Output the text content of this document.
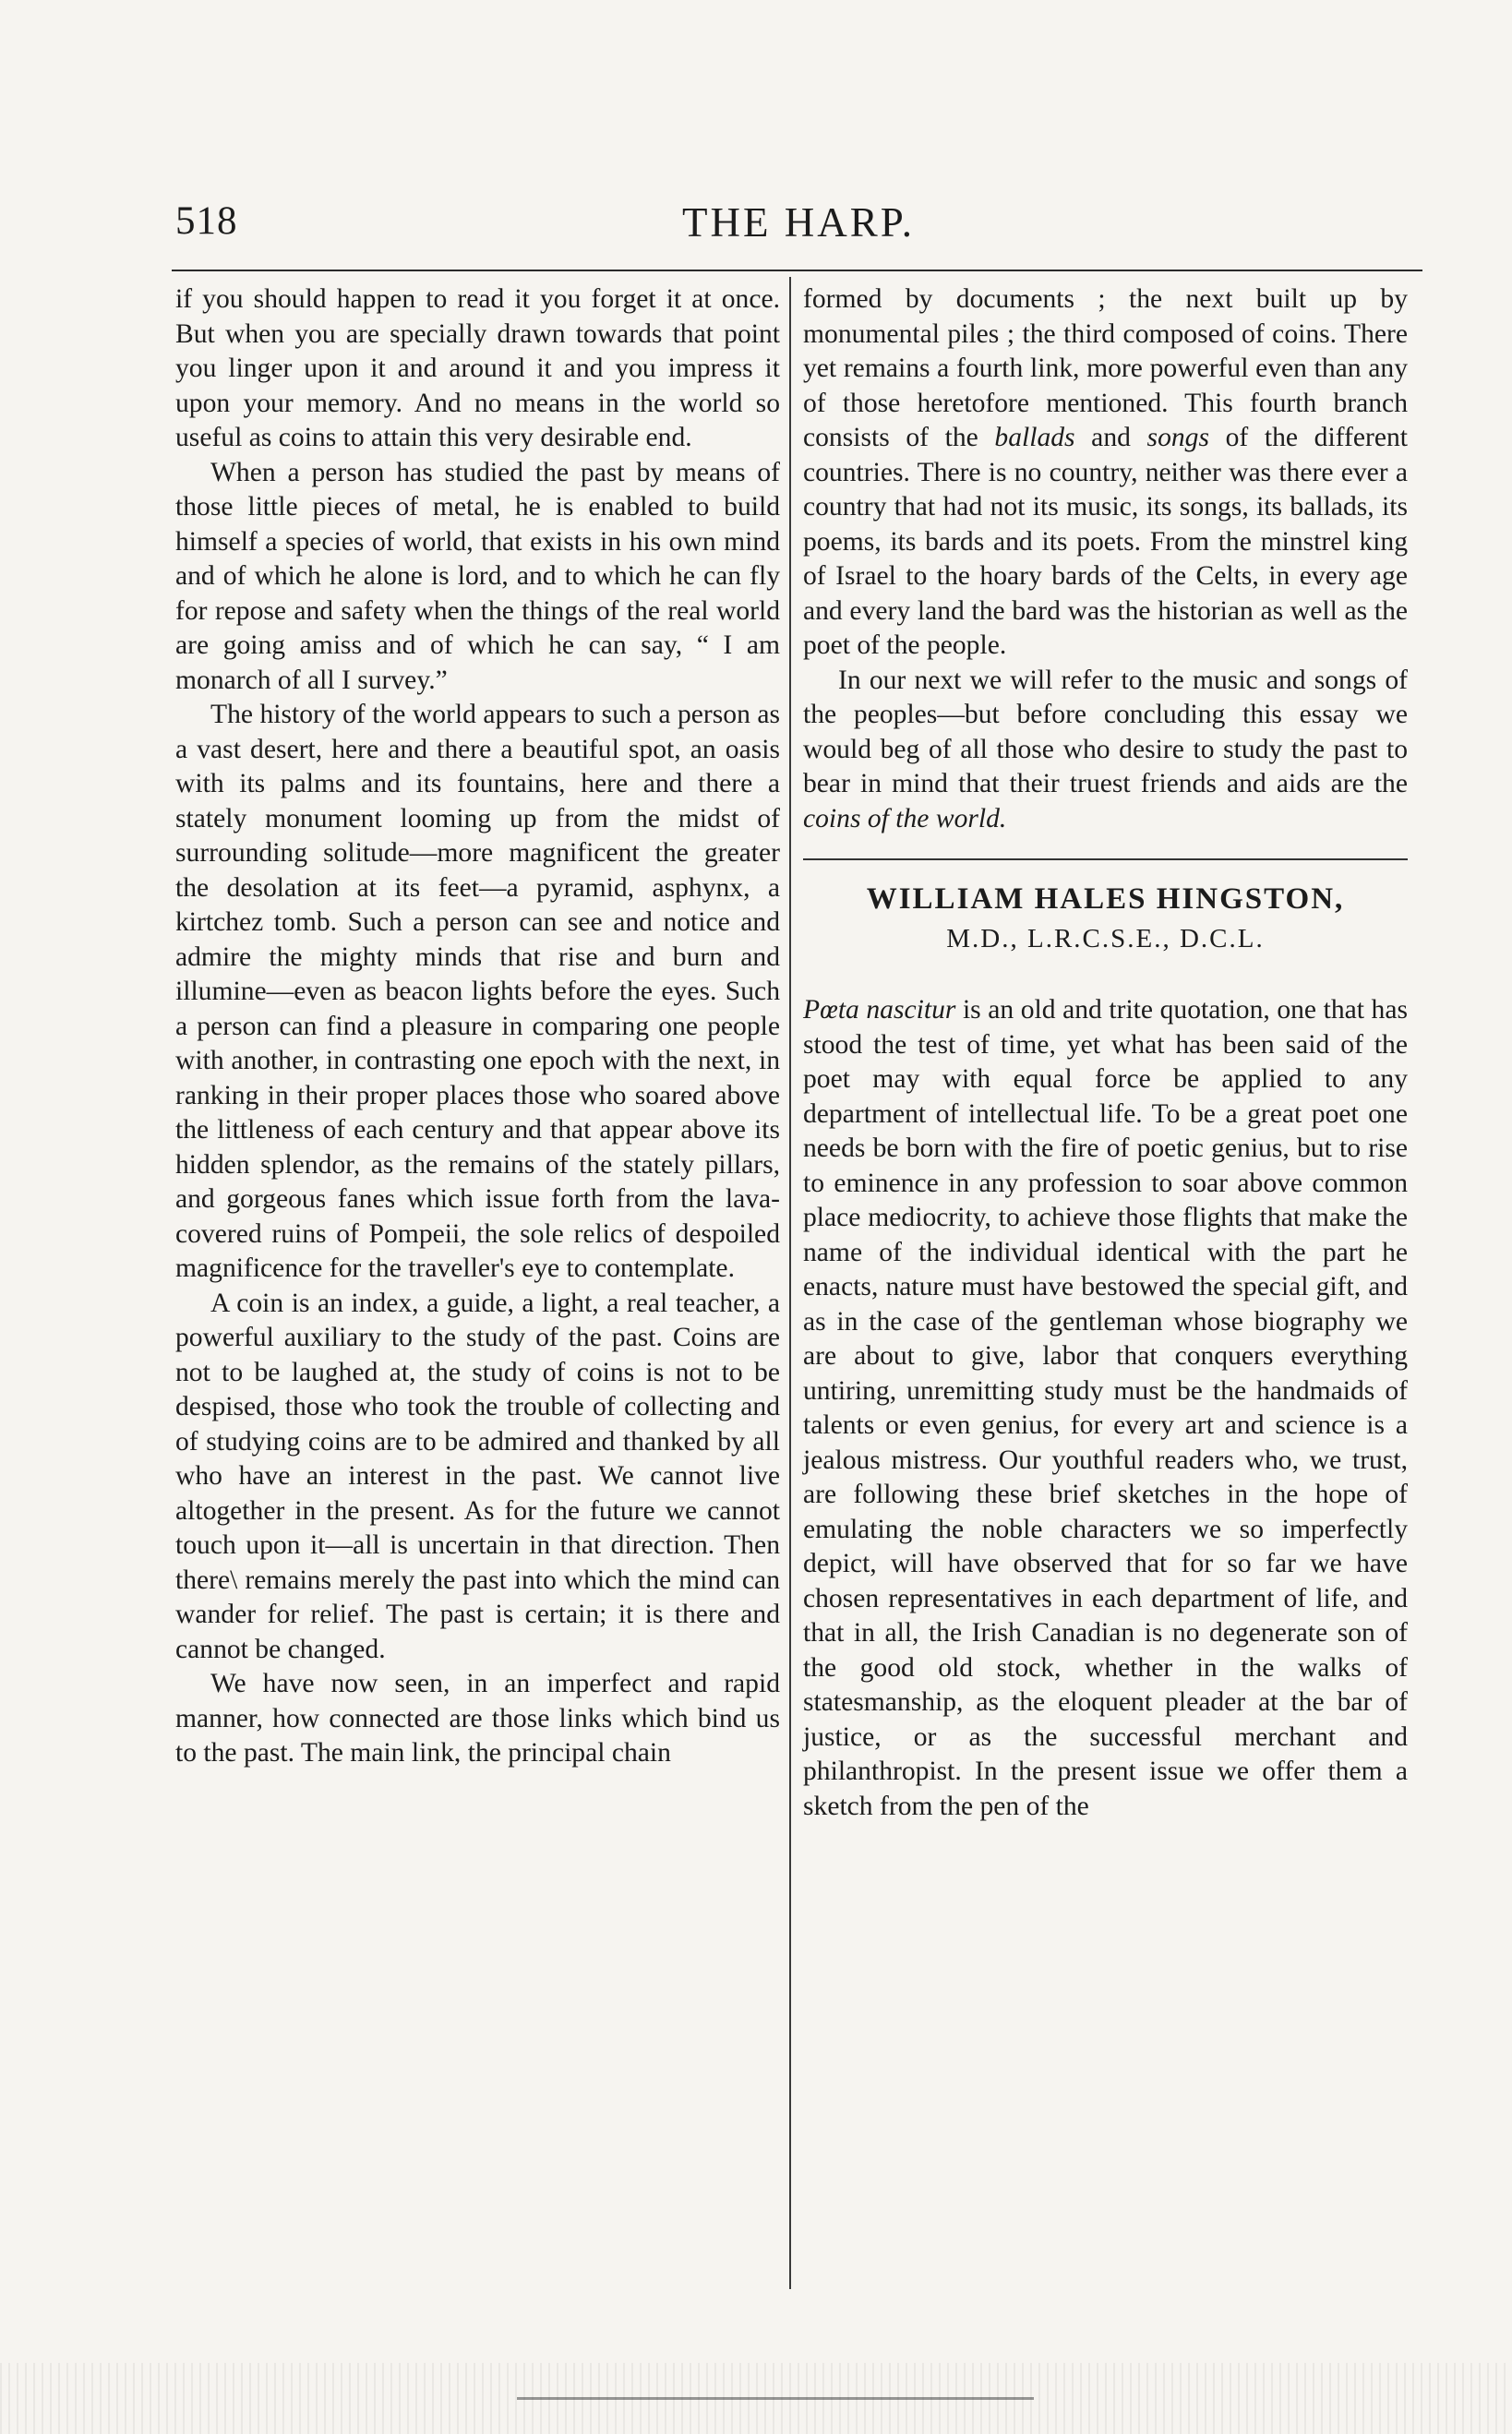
518	THE HARP.

if you should happen to read it you forget it at once. But when you are specially drawn towards that point you linger upon it and around it and you impress it upon your memory. And no means in the world so useful as coins to attain this very desirable end.

When a person has studied the past by means of those little pieces of metal, he is enabled to build himself a species of world, that exists in his own mind and of which he alone is lord, and to which he can fly for repose and safety when the things of the real world are going amiss and of which he can say, “ I am monarch of all I survey.”

The history of the world appears to such a person as a vast desert, here and there a beautiful spot, an oasis with its palms and its fountains, here and there a stately monument looming up from the midst of surrounding solitude—more magnificent the greater the desolation at its feet—a pyramid, asphynx, a kirtchez tomb. Such a person can see and notice and admire the mighty minds that rise and burn and illumine—even as beacon lights before the eyes. Such a person can find a pleasure in comparing one people with another, in contrasting one epoch with the next, in ranking in their proper places those who soared above the littleness of each century and that appear above its hidden splendor, as the remains of the stately pillars, and gorgeous fanes which issue forth from the lava-covered ruins of Pompeii, the sole relics of despoiled magnificence for the traveller's eye to contemplate.

A coin is an index, a guide, a light, a real teacher, a powerful auxiliary to the study of the past. Coins are not to be laughed at, the study of coins is not to be despised, those who took the trouble of collecting and of studying coins are to be admired and thanked by all who have an interest in the past. We cannot live altogether in the present. As for the future we cannot touch upon it—all is uncertain in that direction. Then there\ remains merely the past into which the mind can wander for relief. The past is certain; it is there and cannot be changed.

We have now seen, in an imperfect and rapid manner, how connected are those links which bind us to the past. The main link, the principal chain

formed by documents ; the next built up by monumental piles ; the third composed of coins. There yet remains a fourth link, more powerful even than any of those heretofore mentioned. This fourth branch consists of the ballads and songs of the different countries. There is no country, neither was there ever a country that had not its music, its songs, its ballads, its poems, its bards and its poets. From the minstrel king of Israel to the hoary bards of the Celts, in every age and every land the bard was the historian as well as the poet of the people.

In our next we will refer to the music and songs of the peoples—but before concluding this essay we would beg of all those who desire to study the past to bear in mind that their truest friends and aids are the coins of the world.

WILLIAM HALES HINGSTON,
M.D., L.R.C.S.E., D.C.L.

Pœta nascitur is an old and trite quotation, one that has stood the test of time, yet what has been said of the poet may with equal force be applied to any department of intellectual life. To be a great poet one needs be born with the fire of poetic genius, but to rise to eminence in any profession to soar above common place mediocrity, to achieve those flights that make the name of the individual identical with the part he enacts, nature must have bestowed the special gift, and as in the case of the gentleman whose biography we are about to give, labor that conquers everything untiring, unremitting study must be the handmaids of talents or even genius, for every art and science is a jealous mistress. Our youthful readers who, we trust, are following these brief sketches in the hope of emulating the noble characters we so imperfectly depict, will have observed that for so far we have chosen representatives in each department of life, and that in all, the Irish Canadian is no degenerate son of the good old stock, whether in the walks of statesmanship, as the eloquent pleader at the bar of justice, or as the successful merchant and philanthropist. In the present issue we offer them a sketch from the pen of the
